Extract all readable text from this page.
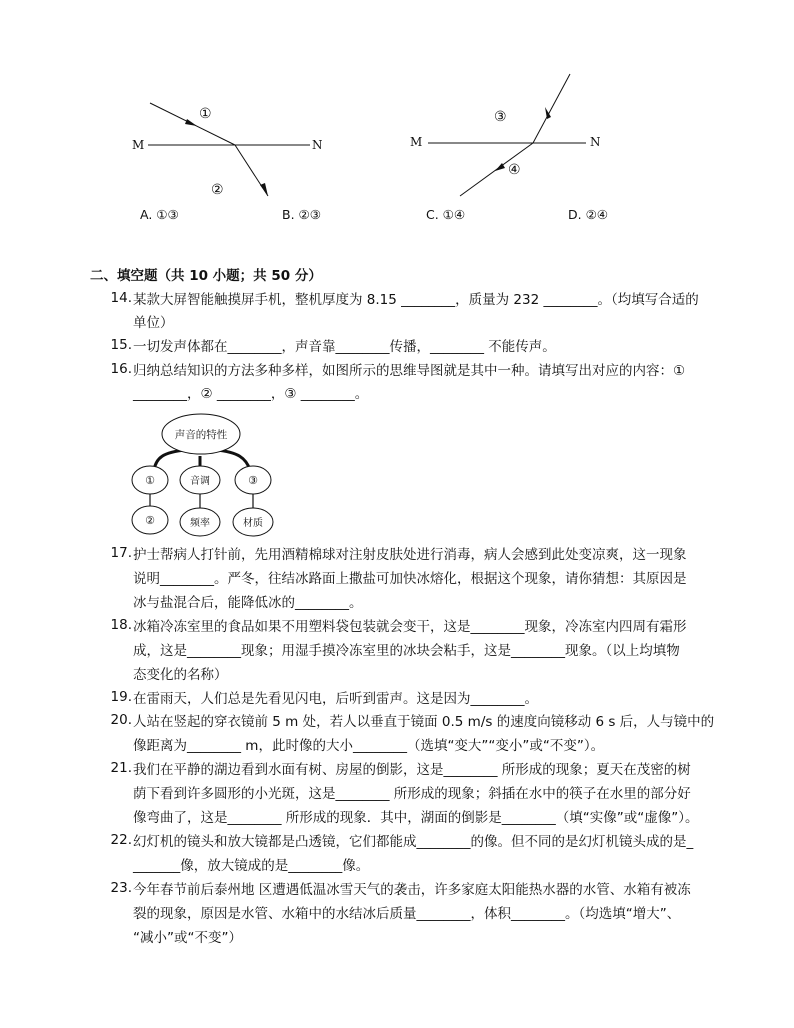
M	N
①
②
M	N
③
④
A. ①③	B. ②③	C. ①④	D. ②④
二、填空题（共 10 小题；共 50 分）
14. 某款大屏智能触摸屏手机，整机厚度为 8.15 ________，质量为 232 ________。（均填写合适的
单位）
15. 一切发声体都在________，声音靠________传播，________ 不能传声。
16. 归纳总结知识的方法多种多样，如图所示的思维导图就是其中一种。请填写出对应的内容：①
________，② ________，③ ________。
声音的特性
①	音调	③
②	频率	材质
17. 护士帮病人打针前，先用酒精棉球对注射皮肤处进行消毒，病人会感到此处变凉爽，这一现象
说明________。严冬，往结冰路面上撒盐可加快冰熔化，根据这个现象，请你猜想：其原因是
冰与盐混合后，能降低冰的________。
18. 冰箱冷冻室里的食品如果不用塑料袋包装就会变干，这是________现象，冷冻室内四周有霜形
成，这是________现象；用湿手摸冷冻室里的冰块会粘手，这是________现象。（以上均填物
态变化的名称）
19. 在雷雨天，人们总是先看见闪电，后听到雷声。这是因为________。
20. 人站在竖起的穿衣镜前 5 m 处，若人以垂直于镜面 0.5 m/s 的速度向镜移动 6 s 后，人与镜中的
像距离为________ m，此时像的大小________（选填“变大”“变小”或“不变”）。
21. 我们在平静的湖边看到水面有树、房屋的倒影，这是________ 所形成的现象；夏天在茂密的树
荫下看到许多圆形的小光斑，这是________ 所形成的现象；斜插在水中的筷子在水里的部分好
像弯曲了，这是________ 所形成的现象．其中，湖面的倒影是________（填“实像”或“虚像”）。
22. 幻灯机的镜头和放大镜都是凸透镜，它们都能成________的像。但不同的是幻灯机镜头成的是_
_______像，放大镜成的是________像。
23. 今年春节前后泰州地 区遭遇低温冰雪天气的袭击，许多家庭太阳能热水器的水管、水箱有被冻
裂的现象，原因是水管、水箱中的水结冰后质量________，体积________。（均选填“增大”、
“减小”或“不变”）
